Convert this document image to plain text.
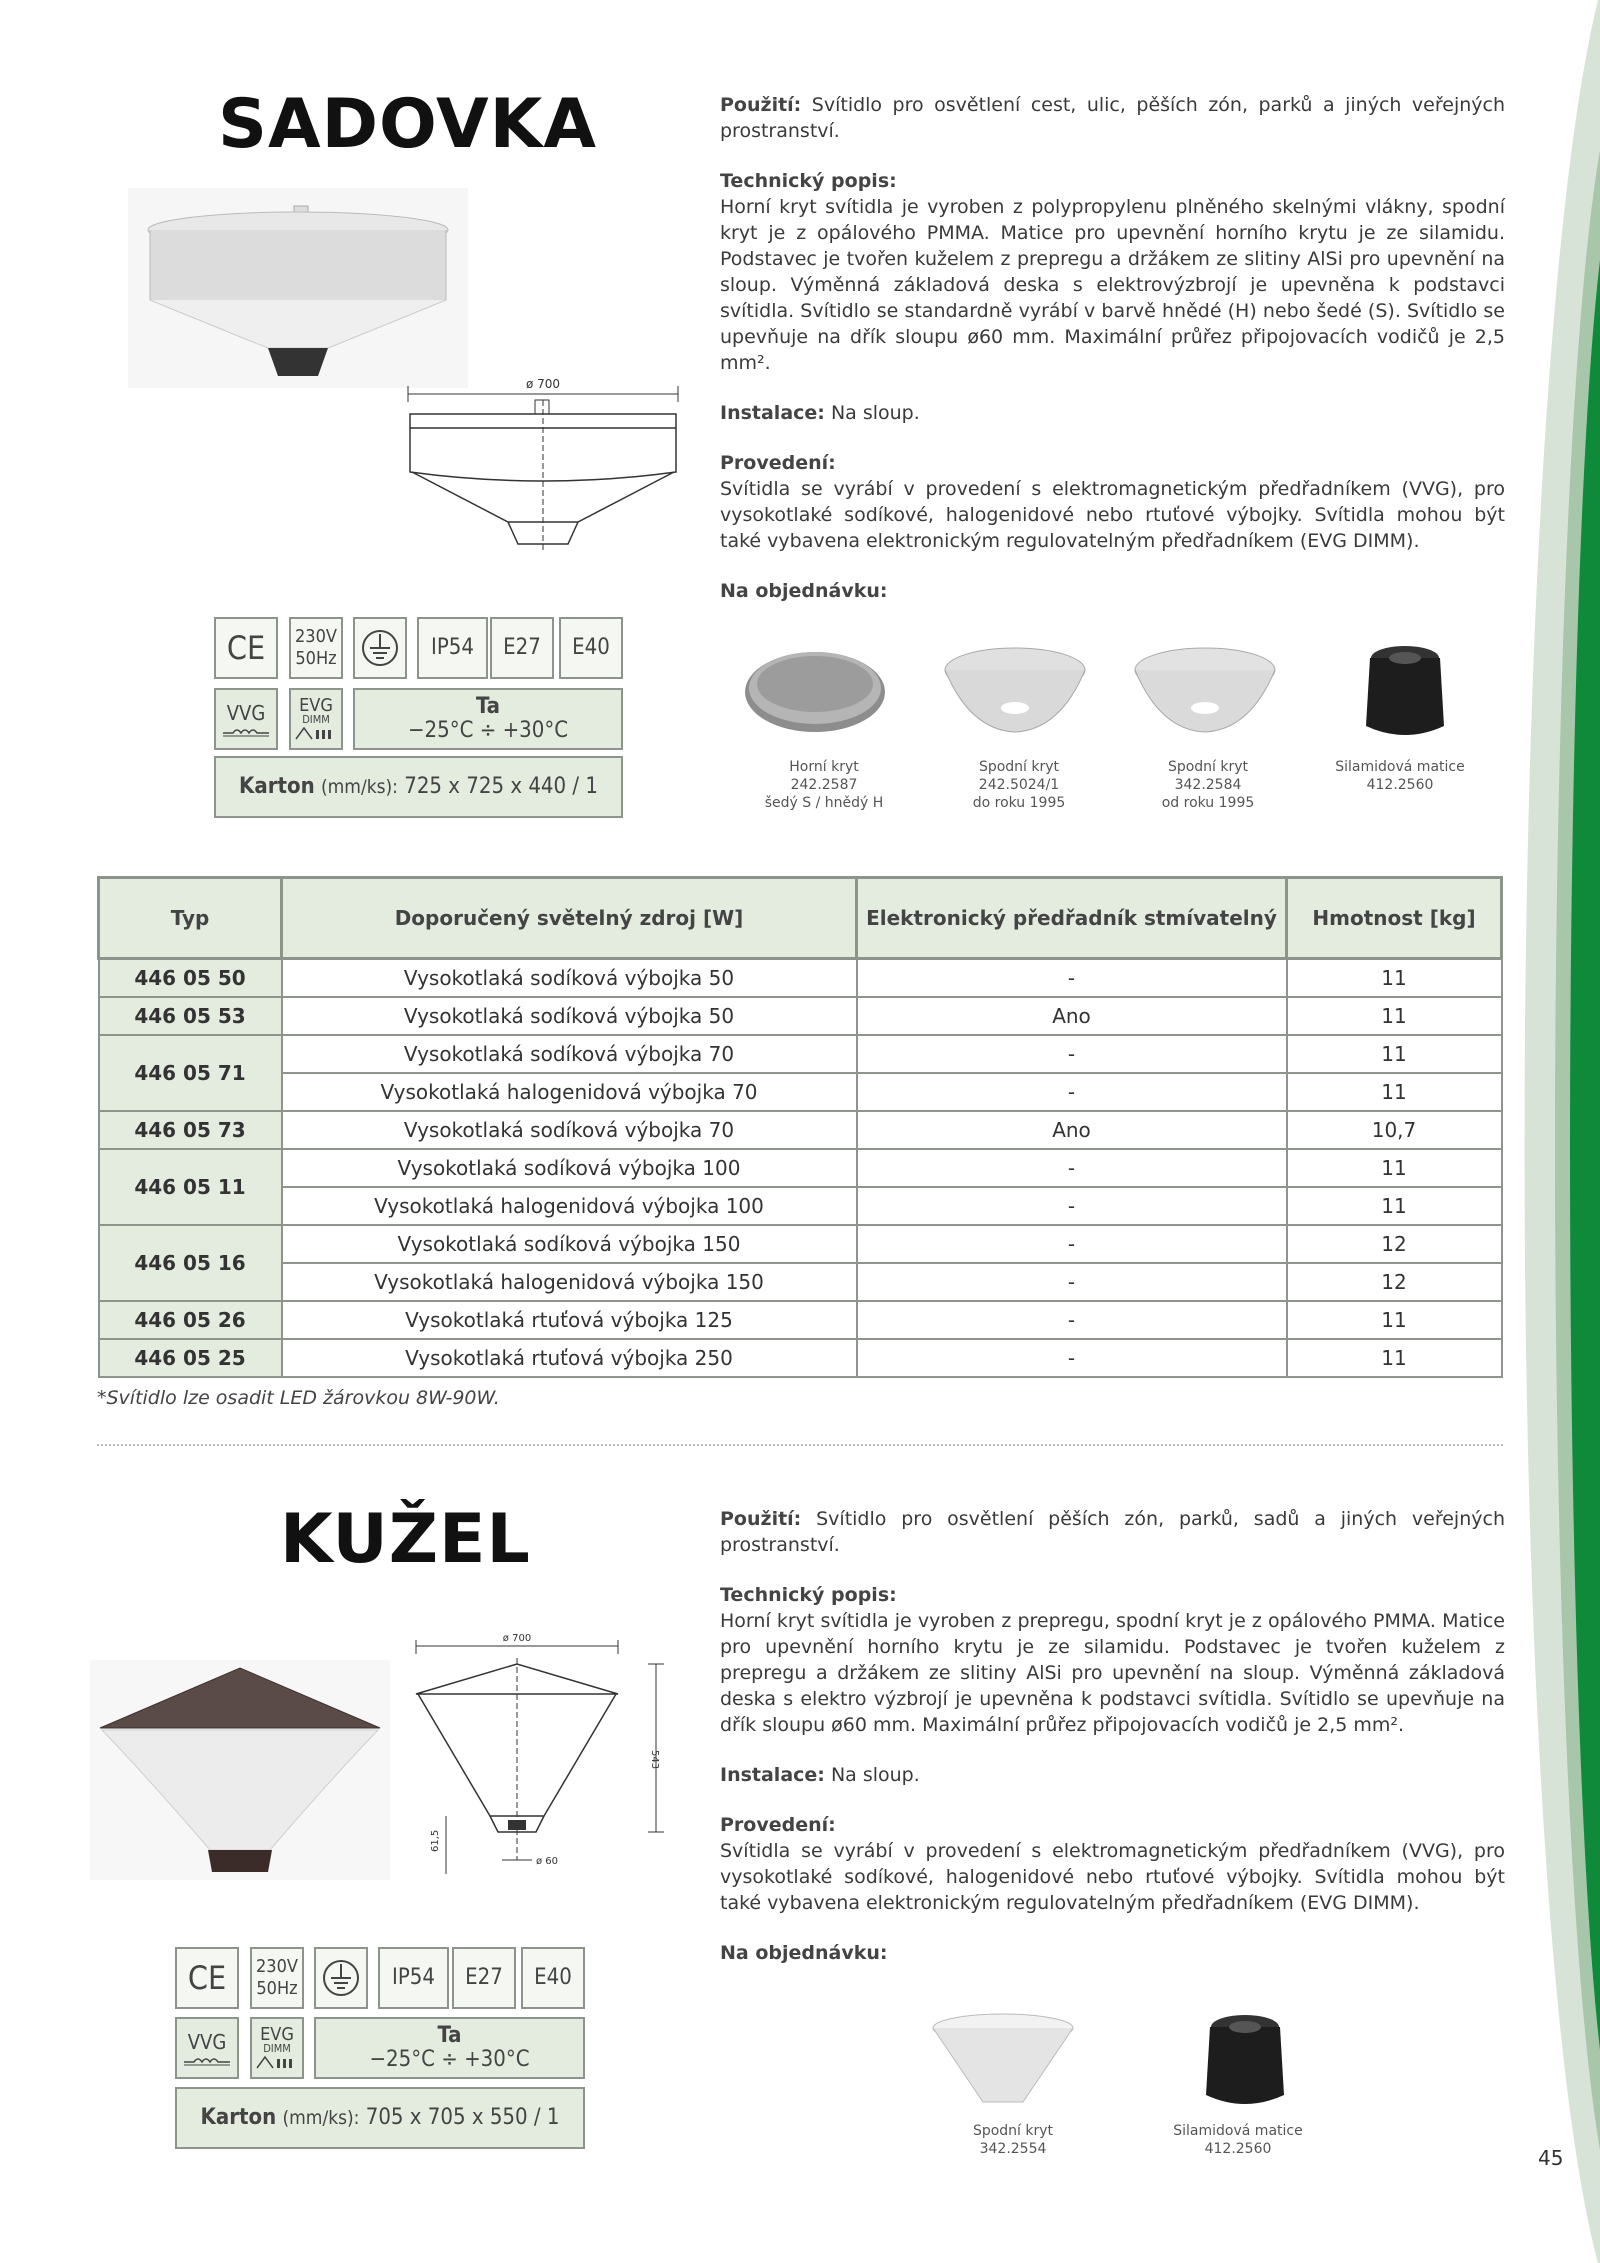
SADOVKA
ø 700
Použití: Svítidlo pro osvětlení cest, ulic, pěších zón, parků a jiných veřejných prostranství.
Technický popis:
Horní kryt svítidla je vyroben z polypropylenu plněného skelnými vlákny, spodní kryt je z opálového PMMA. Matice pro upevnění horního krytu je ze silamidu. Podstavec je tvořen kuželem z prepregu a držákem ze slitiny AlSi pro upevnění na sloup. Výměnná základová deska s elektrovýzbrojí je upevněna k podstavci svítidla. Svítidlo se standardně vyrábí v barvě hnědé (H) nebo šedé (S). Svítidlo se upevňuje na dřík sloupu ø60 mm. Maximální průřez připojovacích vodičů je 2,5 mm².
Instalace: Na sloup.
Provedení:
Svítidla se vyrábí v provedení s elektromagnetickým předřadníkem (VVG), pro vysokotlaké sodíkové, halogenidové nebo rtuťové výbojky. Svítidla mohou být také vybavena elektronickým regulovatelným předřadníkem (EVG DIMM).
Na objednávku:
CE	230V
50Hz	IP54	E27	E40
VVG EVG
DIMM
Ta
−25°C ÷ +30°C
Karton (mm/ks): 725 x 725 x 440 / 1
Horní kryt
242.2587
šedý S / hnědý H
Spodní kryt
242.5024/1
do roku 1995
Spodní kryt
342.2584
od roku 1995
Silamidová matice
412.2560
Typ	Doporučený světelný zdroj [W]	Elektronický předřadník stmívatelný	Hmotnost [kg]
446 05 50	Vysokotlaká sodíková výbojka 50	-	11
446 05 53	Vysokotlaká sodíková výbojka 50	Ano	11
446 05 71	Vysokotlaká sodíková výbojka 70	-	11
	Vysokotlaká halogenidová výbojka 70	-	11
446 05 73	Vysokotlaká sodíková výbojka 70	Ano	10,7
446 05 11	Vysokotlaká sodíková výbojka 100	-	11
	Vysokotlaká halogenidová výbojka 100	-	11
446 05 16	Vysokotlaká sodíková výbojka 150	-	12
	Vysokotlaká halogenidová výbojka 150	-	12
446 05 26	Vysokotlaká rtuťová výbojka 125	-	11
446 05 25	Vysokotlaká rtuťová výbojka 250	-	11
*Svítidlo lze osadit LED žárovkou 8W-90W.
KUŽEL
ø 700
543
61,5
ø 60
Použití: Svítidlo pro osvětlení pěších zón, parků, sadů a jiných veřejných prostranství.
Technický popis:
Horní kryt svítidla je vyroben z prepregu, spodní kryt je z opálového PMMA. Matice pro upevnění horního krytu je ze silamidu. Podstavec je tvořen kuželem z prepregu a držákem ze slitiny AlSi pro upevnění na sloup. Výměnná základová deska s elektro výzbrojí je upevněna k podstavci svítidla. Svítidlo se upevňuje na dřík sloupu ø60 mm. Maximální průřez připojovacích vodičů je 2,5 mm².
Instalace: Na sloup.
Provedení:
Svítidla se vyrábí v provedení s elektromagnetickým předřadníkem (VVG), pro vysokotlaké sodíkové, halogenidové nebo rtuťové výbojky. Svítidla mohou být také vybavena elektronickým regulovatelným předřadníkem (EVG DIMM).
Na objednávku:
CE	230V
50Hz	IP54	E27	E40
VVG EVG
DIMM
Ta
−25°C ÷ +30°C
Karton (mm/ks): 705 x 705 x 550 / 1
Spodní kryt
342.2554
Silamidová matice
412.2560	45
